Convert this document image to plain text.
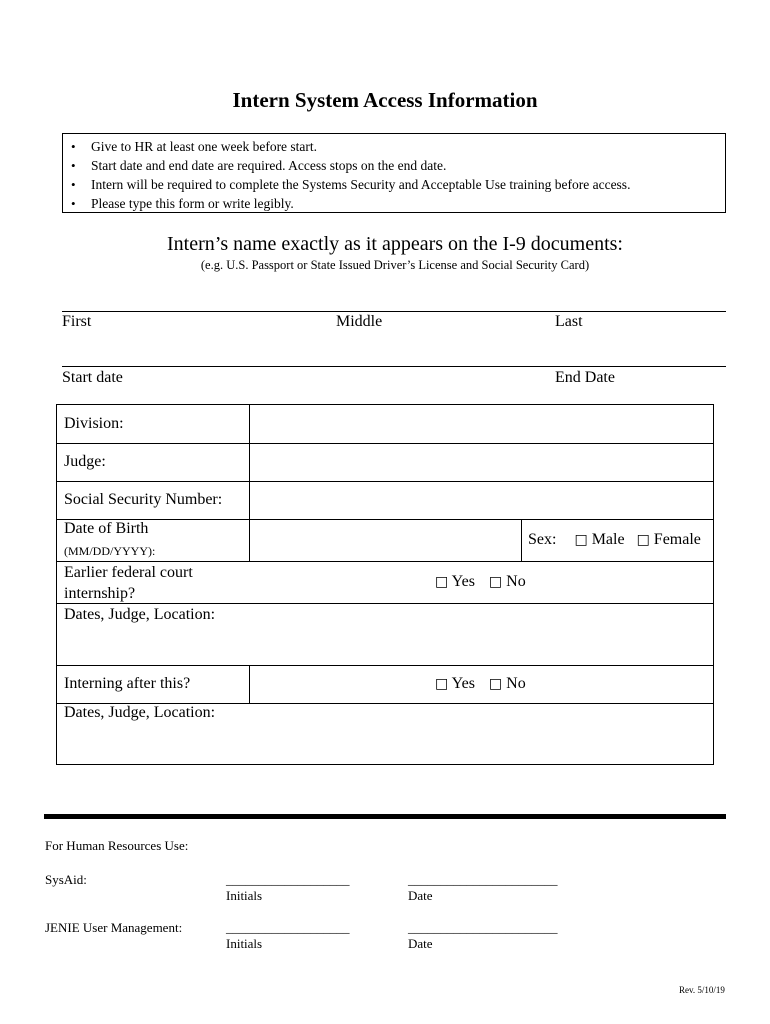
Intern System Access Information
• Give to HR at least one week before start.
• Start date and end date are required. Access stops on the end date.
• Intern will be required to complete the Systems Security and Acceptable Use training before access.
• Please type this form or write legibly.
Intern’s name exactly as it appears on the I-9 documents:
(e.g. U.S. Passport or State Issued Driver’s License and Social Security Card)
First	Middle	Last
Start date	End Date
Division:
Judge:
Social Security Number:
Date of Birth
(MM/DD/YYYY):
Sex: □ Male □ Female
Earlier federal court
internship?
□ Yes □ No
Dates, Judge, Location:
Interning after this?	□ Yes □ No
Dates, Judge, Location:
For Human Resources Use:
SysAid:	___________________
Initials
_______________________
Date
JENIE User Management:	___________________
Initials
_______________________
Date
Rev. 5/10/19
